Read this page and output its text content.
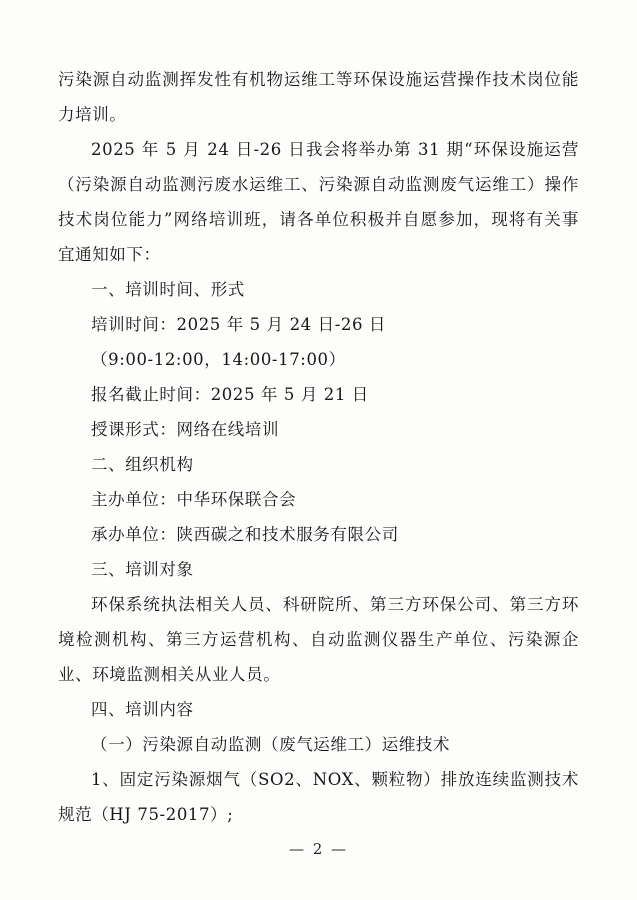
污染源自动监测挥发性有机物运维工等环保设施运营操作技术岗位能力培训。

2025 年 5 月 24 日-26 日我会将举办第 31 期“环保设施运营（污染源自动监测污废水运维工、污染源自动监测废气运维工）操作技术岗位能力”网络培训班，请各单位积极并自愿参加，现将有关事宜通知如下：

一、培训时间、形式

培训时间：2025 年 5 月 24 日-26 日

（9:00-12:00，14:00-17:00）

报名截止时间：2025 年 5 月 21 日

授课形式：网络在线培训

二、组织机构

主办单位：中华环保联合会

承办单位：陕西碳之和技术服务有限公司

三、培训对象

环保系统执法相关人员、科研院所、第三方环保公司、第三方环境检测机构、第三方运营机构、自动监测仪器生产单位、污染源企业、环境监测相关从业人员。

四、培训内容

（一）污染源自动监测（废气运维工）运维技术

1、固定污染源烟气（SO2、NOX、颗粒物）排放连续监测技术规范（HJ 75-2017）;

— 2 —
